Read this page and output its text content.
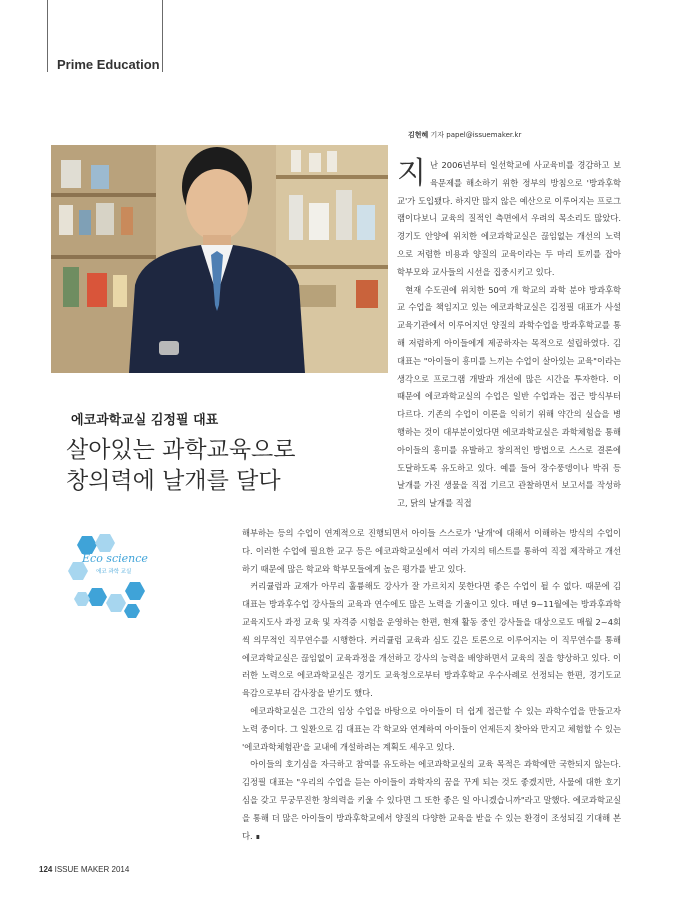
Prime Education
김현혜 기자 papel@issuemaker.kr
에코과학교실 김정필 대표
살아있는 과학교육으로
창의력에 날개를 달다
Eco science
에코 과학 교실

지난 2006년부터 일선학교에 사교육비를 경감하고 보육문제를 해소하기 위한 정부의 방침으로 '방과후학교'가 도입됐다. 하지만 많지 않은 예산으로 이루어지는 프로그램이다보니 교육의 질적인 측면에서 우려의 목소리도 많았다. 경기도 안양에 위치한 에코과학교실은 끊임없는 개선의 노력으로 저렴한 비용과 양질의 교육이라는 두 마리 토끼를 잡아 학부모와 교사들의 시선을 집중시키고 있다.

현재 수도권에 위치한 50여 개 학교의 과학 분야 방과후학교 수업을 책임지고 있는 에코과학교실은 김정필 대표가 사설교육기관에서 이루어지던 양질의 과학수업을 방과후학교를 통해 저렴하게 아이들에게 제공하자는 목적으로 설립하였다. 김 대표는 "아이들이 흥미를 느끼는 수업이 살아있는 교육"이라는 생각으로 프로그램 개발과 개선에 많은 시간을 투자한다. 이 때문에 에코과학교실의 수업은 일반 수업과는 접근 방식부터 다르다. 기존의 수업이 이론을 익히기 위해 약간의 실습을 병행하는 것이 대부분이었다면 에코과학교실은 과학체험을 통해 아이들의 흥미를 유발하고 창의적인 방법으로 스스로 결론에 도달하도록 유도하고 있다. 예를 들어 장수풍뎅이나 박쥐 등 날개를 가진 생물을 직접 기르고 관찰하면서 보고서를 작성하고, 닭의 날개를 직접

해부하는 등의 수업이 연계적으로 진행되면서 아이들 스스로가 '날개'에 대해서 이해하는 방식의 수업이다. 이러한 수업에 필요한 교구 등은 에코과학교실에서 여러 가지의 테스트를 통하여 직접 제작하고 개선하기 때문에 많은 학교와 학부모들에게 높은 평가를 받고 있다.

커리큘럼과 교재가 아무리 훌륭해도 강사가 잘 가르치지 못한다면 좋은 수업이 될 수 없다. 때문에 김 대표는 방과후수업 강사들의 교육과 연수에도 많은 노력을 기울이고 있다. 매년 9~11월에는 방과후과학교육지도사 과정 교육 및 자격증 시험을 운영하는 한편, 현재 활동 중인 강사들을 대상으로도 매월 2~4회씩 의무적인 직무연수를 시행한다. 커리큘럼 교육과 심도 깊은 토론으로 이루어지는 이 직무연수를 통해 에코과학교실은 끊임없이 교육과정을 개선하고 강사의 능력을 배양하면서 교육의 질을 향상하고 있다. 이러한 노력으로 에코과학교실은 경기도 교육청으로부터 방과후학교 우수사례로 선정되는 한편, 경기도교육감으로부터 감사장을 받기도 했다.

에코과학교실은 그간의 임상 수업을 바탕으로 아이들이 더 쉽게 접근할 수 있는 과학수업을 만들고자 노력 중이다. 그 일환으로 김 대표는 각 학교와 연계하여 아이들이 언제든지 찾아와 만지고 체험할 수 있는 '에코과학체험관'을 교내에 개설하려는 계획도 세우고 있다.

아이들의 호기심을 자극하고 참여를 유도하는 에코과학교실의 교육 목적은 과학에만 국한되지 않는다. 김정필 대표는 "우리의 수업을 듣는 아이들이 과학자의 꿈을 꾸게 되는 것도 좋겠지만, 사물에 대한 호기심을 갖고 무궁무진한 창의력을 키울 수 있다면 그 또한 좋은 일 아니겠습니까"라고 말했다. 에코과학교실을 통해 더 많은 아이들이 방과후학교에서 양질의 다양한 교육을 받을 수 있는 환경이 조성되길 기대해 본다. ∎

124 ISSUE MAKER 2014
